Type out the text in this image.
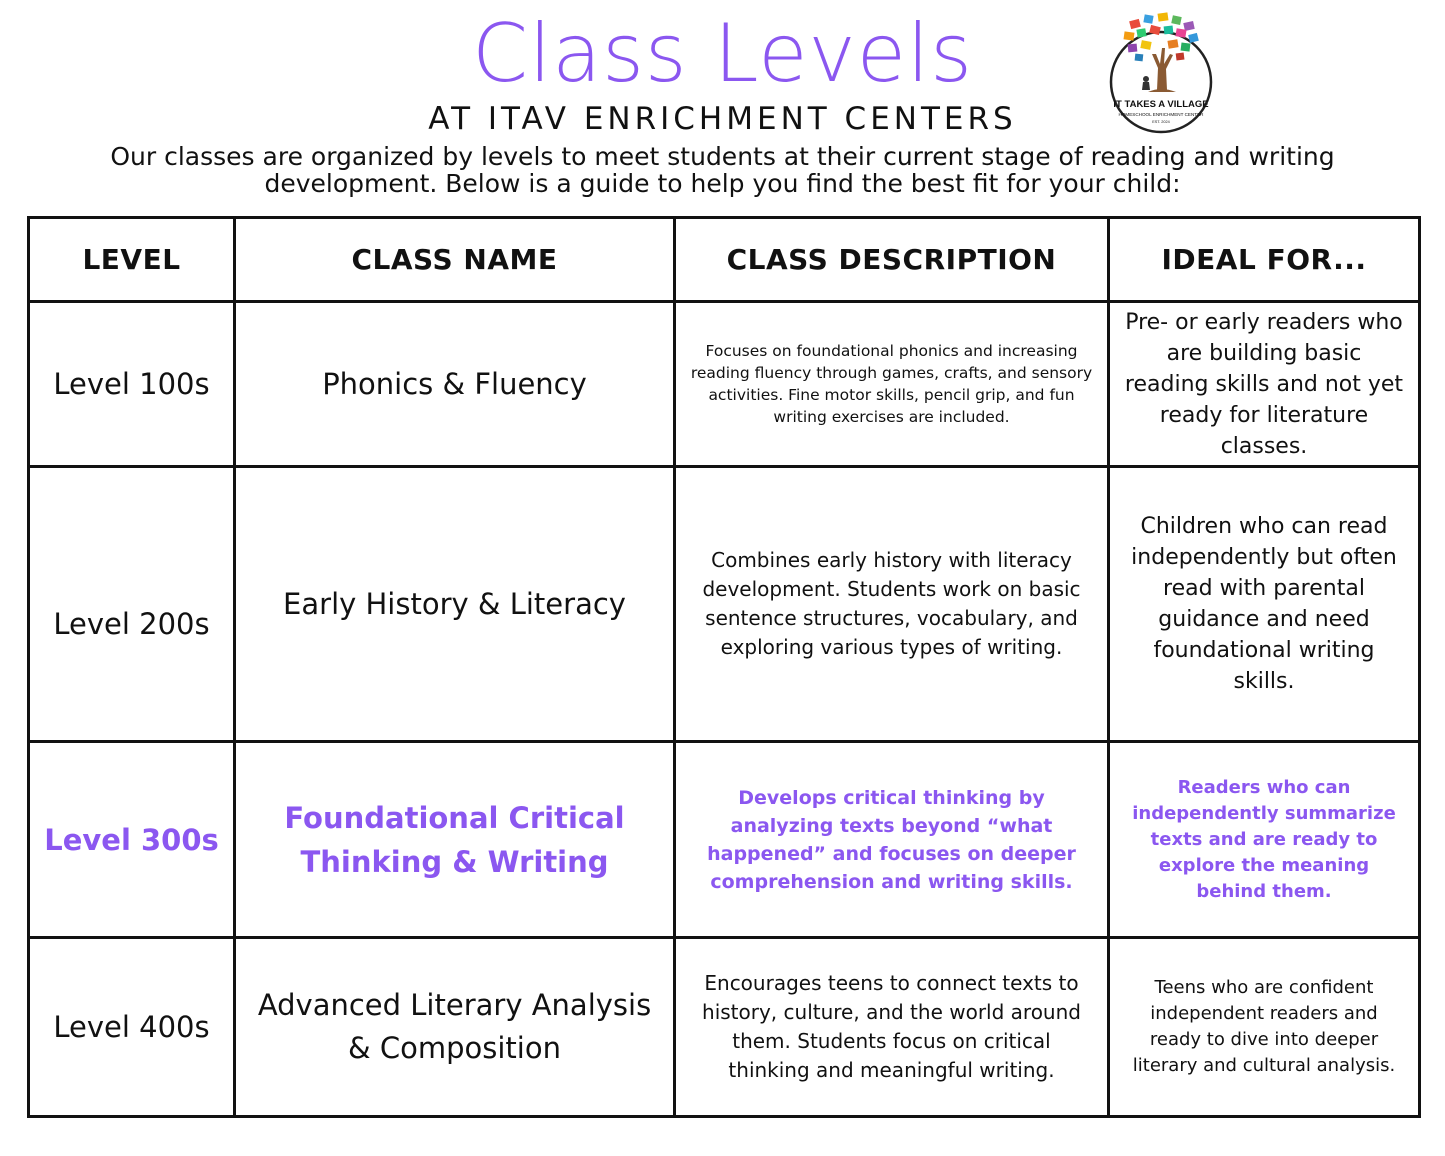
Class Levels
AT ITAV ENRICHMENT CENTERS	IT TAKES A VILLAGE
HOMESCHOOL ENRICHMENT CENTER
EST. 2024
Our classes are organized by levels to meet students at their current stage of reading and writing
development. Below is a guide to help you find the best fit for your child:
LEVEL	CLASS NAME	CLASS DESCRIPTION	IDEAL FOR...
Level 100s	Phonics & Fluency	Focuses on foundational phonics and increasing reading fluency through games, crafts, and sensory activities. Fine motor skills, pencil grip, and fun writing exercises are included.	Pre- or early readers who are building basic reading skills and not yet ready for literature classes.
Level 200s	Early History & Literacy	Combines early history with literacy development. Students work on basic sentence structures, vocabulary, and exploring various types of writing.	Children who can read independently but often read with parental guidance and need foundational writing skills.
Level 300s	Foundational Critical Thinking & Writing	Develops critical thinking by analyzing texts beyond “what happened” and focuses on deeper comprehension and writing skills.	Readers who can independently summarize texts and are ready to explore the meaning behind them.
Level 400s	Advanced Literary Analysis & Composition	Encourages teens to connect texts to history, culture, and the world around them. Students focus on critical thinking and meaningful writing.	Teens who are confident independent readers and ready to dive into deeper literary and cultural analysis.
